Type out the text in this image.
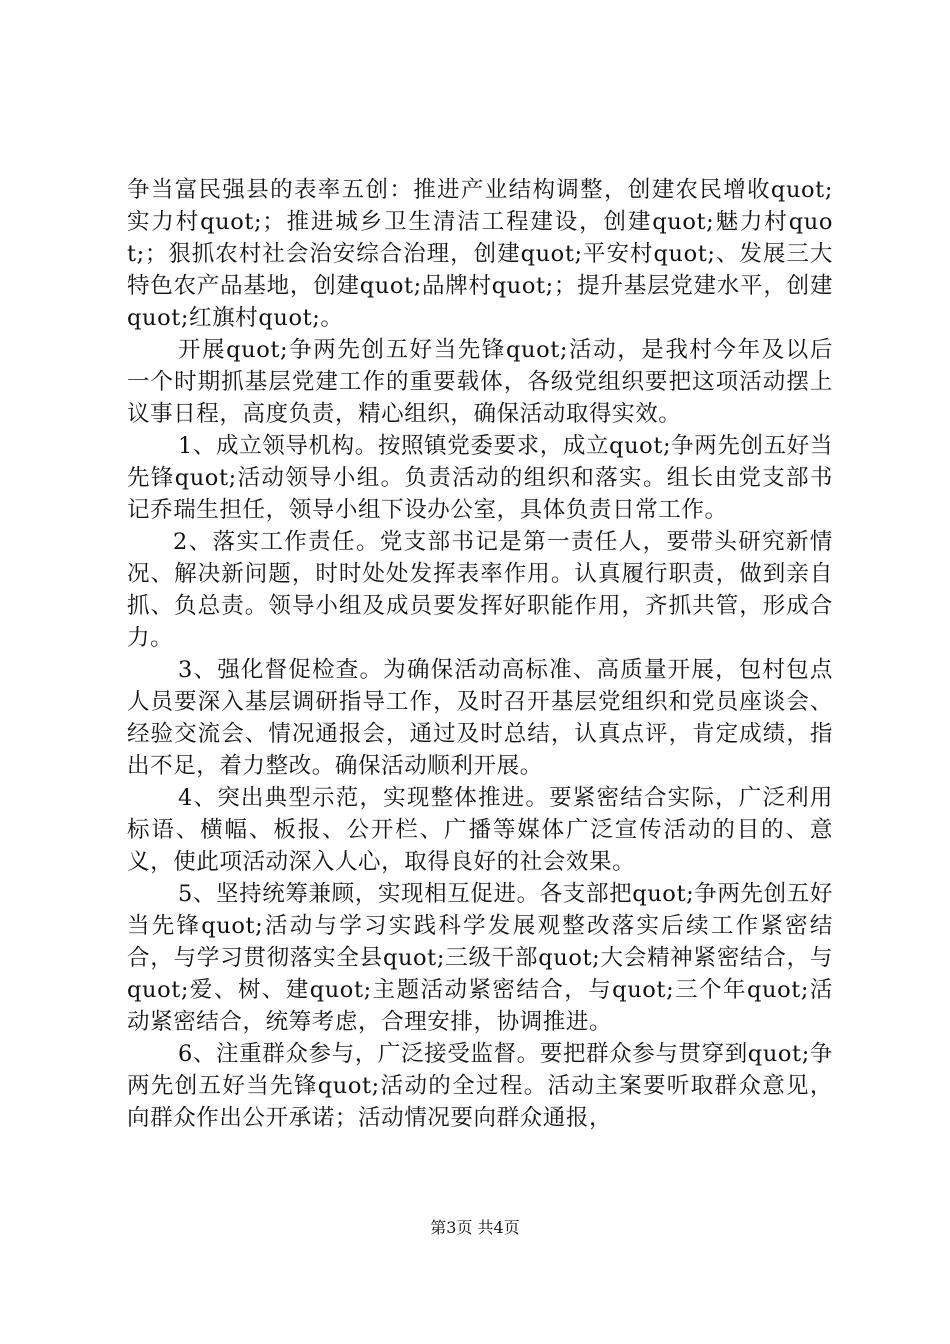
争当富民强县的表率五创：推进产业结构调整，创建农民增收quot;实力村quot;；推进城乡卫生清洁工程建设，创建quot;魅力村quot;；狠抓农村社会治安综合治理，创建quot;平安村quot;、发展三大特色农产品基地，创建quot;品牌村quot;；提升基层党建水平，创建quot;红旗村quot;。

开展quot;争两先创五好当先锋quot;活动，是我村今年及以后一个时期抓基层党建工作的重要载体，各级党组织要把这项活动摆上议事日程，高度负责，精心组织，确保活动取得实效。

1、成立领导机构。按照镇党委要求，成立quot;争两先创五好当先锋quot;活动领导小组。负责活动的组织和落实。组长由党支部书记乔瑞生担任，领导小组下设办公室，具体负责日常工作。

2、落实工作责任。党支部书记是第一责任人，要带头研究新情况、解决新问题，时时处处发挥表率作用。认真履行职责，做到亲自抓、负总责。领导小组及成员要发挥好职能作用，齐抓共管，形成合力。

3、强化督促检查。为确保活动高标准、高质量开展，包村包点人员要深入基层调研指导工作，及时召开基层党组织和党员座谈会、经验交流会、情况通报会，通过及时总结，认真点评，肯定成绩，指出不足，着力整改。确保活动顺利开展。

4、突出典型示范，实现整体推进。要紧密结合实际，广泛利用标语、横幅、板报、公开栏、广播等媒体广泛宣传活动的目的、意义，使此项活动深入人心，取得良好的社会效果。

5、坚持统筹兼顾，实现相互促进。各支部把quot;争两先创五好当先锋quot;活动与学习实践科学发展观整改落实后续工作紧密结合，与学习贯彻落实全县quot;三级干部quot;大会精神紧密结合，与quot;爱、树、建quot;主题活动紧密结合，与quot;三个年quot;活动紧密结合，统筹考虑，合理安排，协调推进。

6、注重群众参与，广泛接受监督。要把群众参与贯穿到quot;争两先创五好当先锋quot;活动的全过程。活动主案要听取群众意见，向群众作出公开承诺；活动情况要向群众通报，

第3页 共4页
